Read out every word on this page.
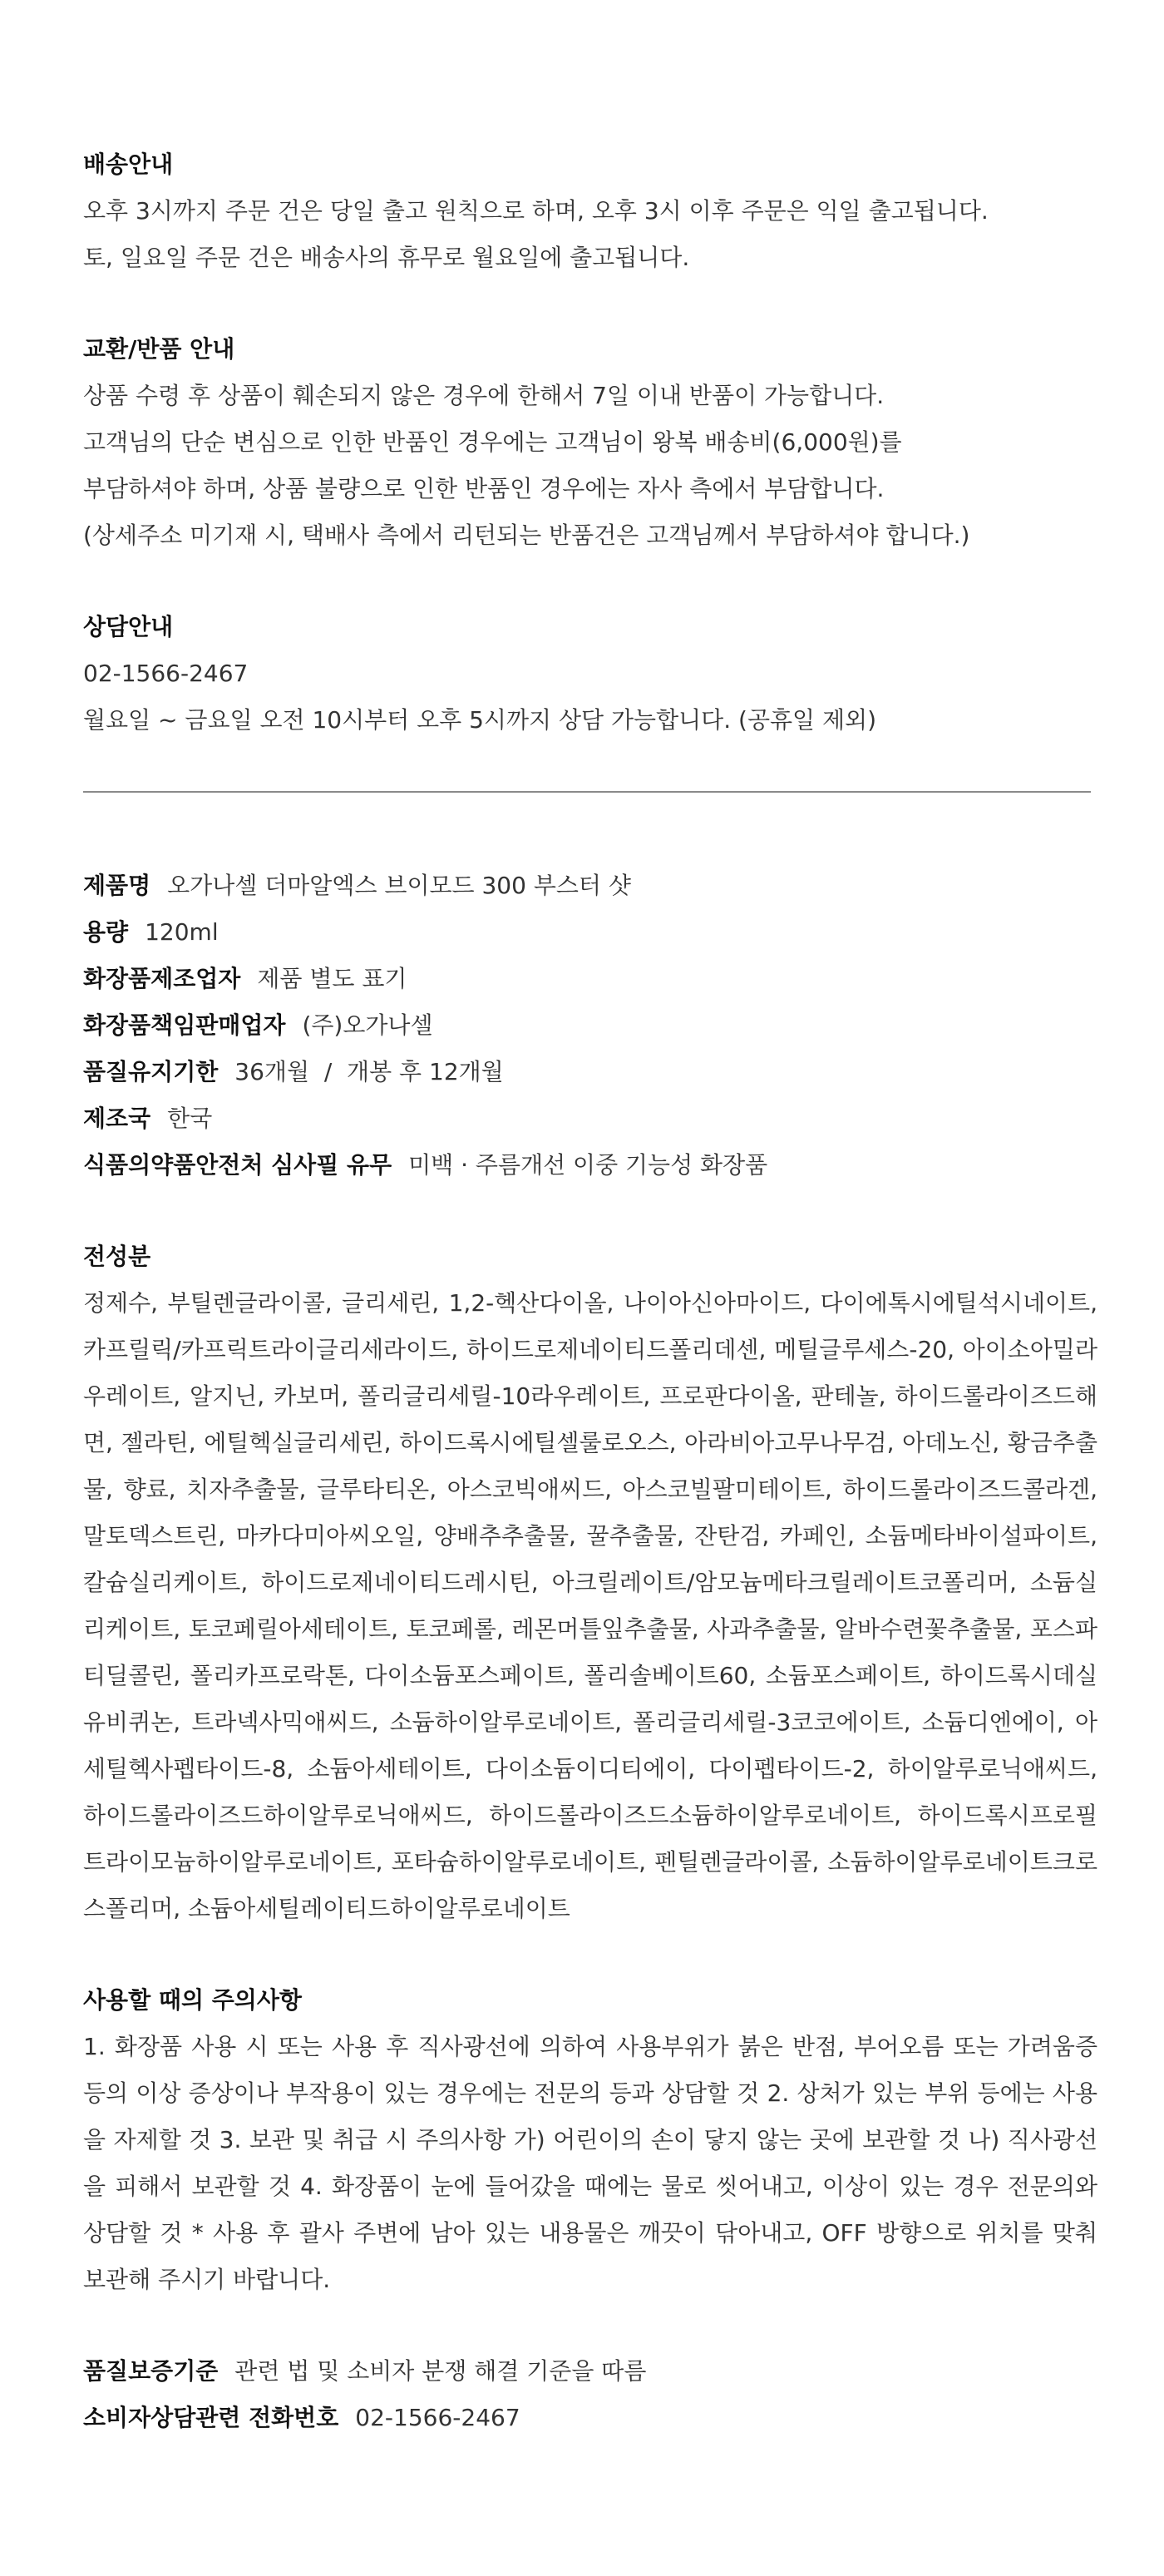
배송안내

오후 3시까지 주문 건은 당일 출고 원칙으로 하며, 오후 3시 이후 주문은 익일 출고됩니다.

토, 일요일 주문 건은 배송사의 휴무로 월요일에 출고됩니다.

교환/반품 안내

상품 수령 후 상품이 훼손되지 않은 경우에 한해서 7일 이내 반품이 가능합니다.

고객님의 단순 변심으로 인한 반품인 경우에는 고객님이 왕복 배송비(6,000원)를

부담하셔야 하며, 상품 불량으로 인한 반품인 경우에는 자사 측에서 부담합니다.

(상세주소 미기재 시, 택배사 측에서 리턴되는 반품건은 고객님께서 부담하셔야 합니다.)

상담안내

02-1566-2467

월요일 ~ 금요일 오전 10시부터 오후 5시까지 상담 가능합니다. (공휴일 제외)

제품명 오가나셀 더마알엑스 브이모드 300 부스터 샷

용량 120ml

화장품제조업자 제품 별도 표기

화장품책임판매업자 (주)오가나셀

품질유지기한 36개월  /  개봉 후 12개월

제조국 한국

식품의약품안전처 심사필 유무 미백 · 주름개선 이중 기능성 화장품

전성분

정제수, 부틸렌글라이콜, 글리세린, 1,2-헥산다이올, 나이아신아마이드, 다이에톡시에틸석시네이트, 카프릴릭/카프릭트라이글리세라이드, 하이드로제네이티드폴리데센, 메틸글루세스-20, 아이소아밀라우레이트, 알지닌, 카보머, 폴리글리세릴-10라우레이트, 프로판다이올, 판테놀, 하이드롤라이즈드해면, 젤라틴, 에틸헥실글리세린, 하이드록시에틸셀룰로오스, 아라비아고무나무검, 아데노신, 황금추출물, 향료, 치자추출물, 글루타티온, 아스코빅애씨드, 아스코빌팔미테이트, 하이드롤라이즈드콜라겐, 말토덱스트린, 마카다미아씨오일, 양배추추출물, 꿀추출물, 잔탄검, 카페인, 소듐메타바이설파이트, 칼슘실리케이트, 하이드로제네이티드레시틴, 아크릴레이트/암모늄메타크릴레이트코폴리머, 소듐실리케이트, 토코페릴아세테이트, 토코페롤, 레몬머틀잎추출물, 사과추출물, 알바수련꽃추출물, 포스파티딜콜린, 폴리카프로락톤, 다이소듐포스페이트, 폴리솔베이트60, 소듐포스페이트, 하이드록시데실유비퀴논, 트라넥사믹애씨드, 소듐하이알루로네이트, 폴리글리세릴-3코코에이트, 소듐디엔에이, 아세틸헥사펩타이드-8, 소듐아세테이트, 다이소듐이디티에이, 다이펩타이드-2, 하이알루로닉애씨드, 하이드롤라이즈드하이알루로닉애씨드, 하이드롤라이즈드소듐하이알루로네이트, 하이드록시프로필트라이모늄하이알루로네이트, 포타슘하이알루로네이트, 펜틸렌글라이콜, 소듐하이알루로네이트크로스폴리머, 소듐아세틸레이티드하이알루로네이트

사용할 때의 주의사항

1. 화장품 사용 시 또는 사용 후 직사광선에 의하여 사용부위가 붉은 반점, 부어오름 또는 가려움증 등의 이상 증상이나 부작용이 있는 경우에는 전문의 등과 상담할 것 2. 상처가 있는 부위 등에는 사용을 자제할 것 3. 보관 및 취급 시 주의사항 가) 어린이의 손이 닿지 않는 곳에 보관할 것 나) 직사광선을 피해서 보관할 것 4. 화장품이 눈에 들어갔을 때에는 물로 씻어내고, 이상이 있는 경우 전문의와 상담할 것 * 사용 후 괄사 주변에 남아 있는 내용물은 깨끗이 닦아내고, OFF 방향으로 위치를 맞춰 보관해 주시기 바랍니다.

품질보증기준 관련 법 및 소비자 분쟁 해결 기준을 따름

소비자상담관련 전화번호 02-1566-2467
